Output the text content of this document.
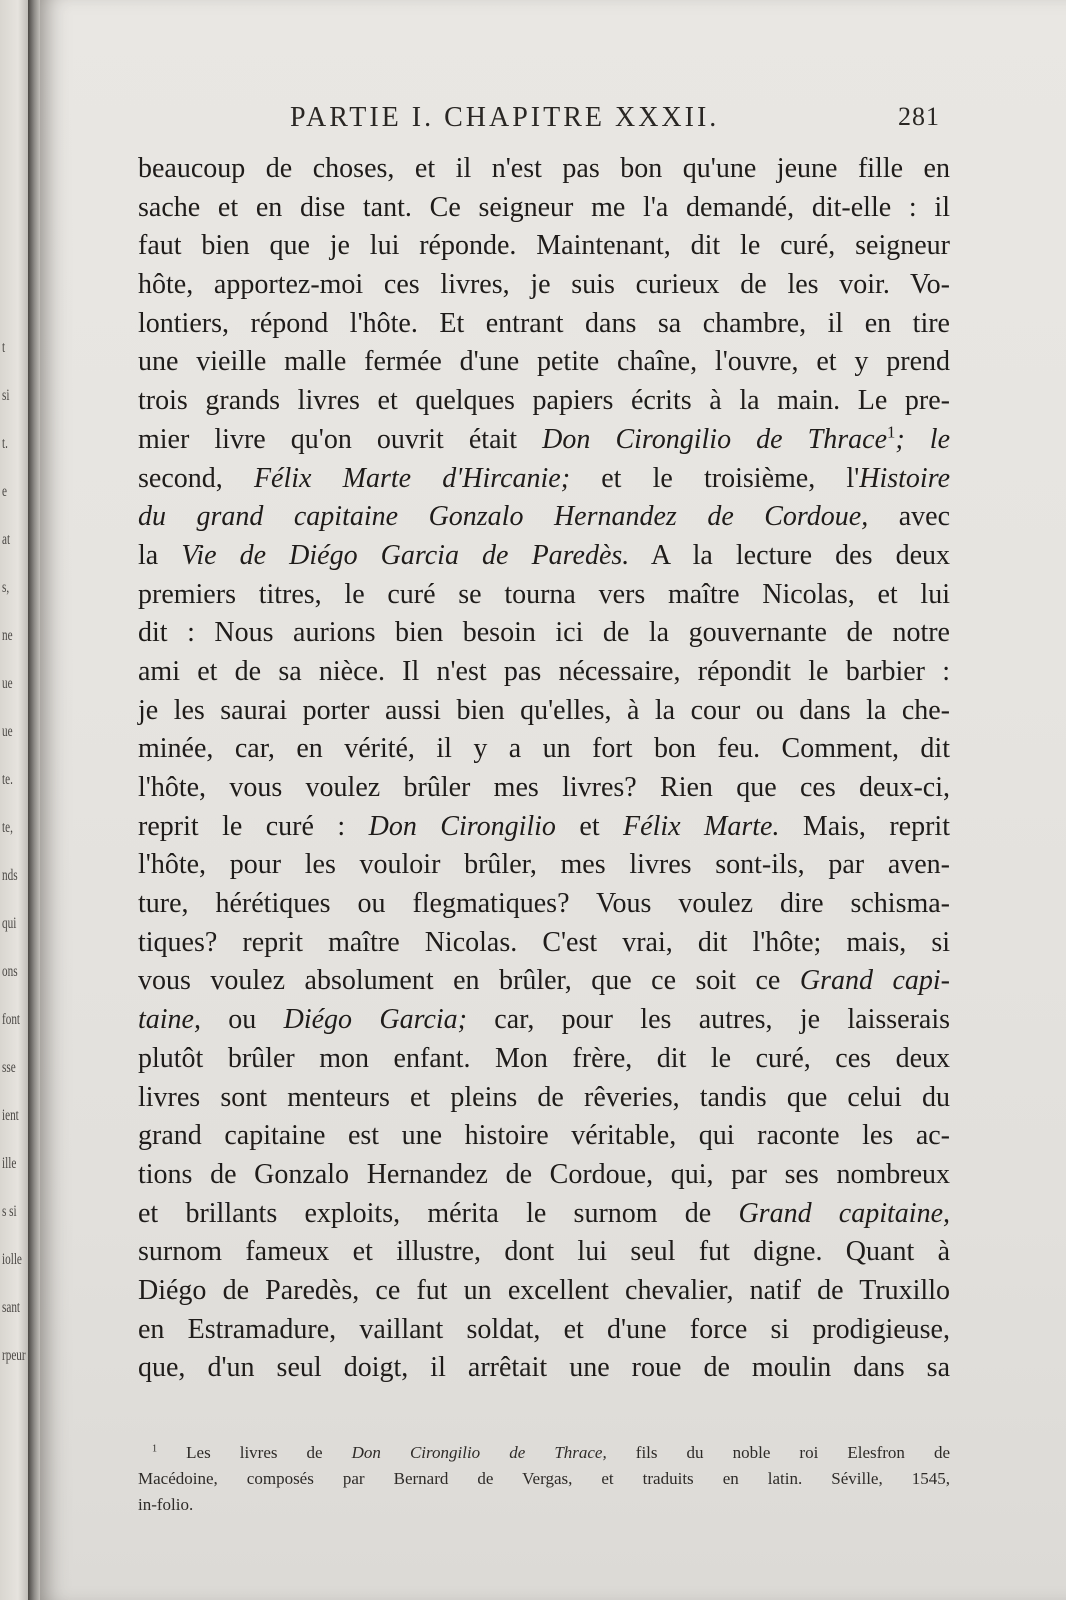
t
si
t.
e
at
s,
ne
ue
ue
te.
te,
nds
qui
ons
font
sse
ient
ille
s si
iolle
sant
rpeur
PARTIE I. CHAPITRE XXXII.	281
beaucoup de choses, et il n'est pas bon qu'une jeune fille en
sache et en dise tant. Ce seigneur me l'a demandé, dit-elle : il
faut bien que je lui réponde. Maintenant, dit le curé, seigneur
hôte, apportez-moi ces livres, je suis curieux de les voir. Vo-
lontiers, répond l'hôte. Et entrant dans sa chambre, il en tire
une vieille malle fermée d'une petite chaîne, l'ouvre, et y prend
trois grands livres et quelques papiers écrits à la main. Le pre-
mier livre qu'on ouvrit était Don Cirongilio de Thrace$^1$; le
second, Félix Marte d'Hircanie; et le troisième, l'Histoire
du grand capitaine Gonzalo Hernandez de Cordoue, avec
la Vie de Diégo Garcia de Paredès. A la lecture des deux
premiers titres, le curé se tourna vers maître Nicolas, et lui
dit : Nous aurions bien besoin ici de la gouvernante de notre
ami et de sa nièce. Il n'est pas nécessaire, répondit le barbier :
je les saurai porter aussi bien qu'elles, à la cour ou dans la che-
minée, car, en vérité, il y a un fort bon feu. Comment, dit
l'hôte, vous voulez brûler mes livres? Rien que ces deux-ci,
reprit le curé : Don Cirongilio et Félix Marte. Mais, reprit
l'hôte, pour les vouloir brûler, mes livres sont-ils, par aven-
ture, hérétiques ou flegmatiques? Vous voulez dire schisma-
tiques? reprit maître Nicolas. C'est vrai, dit l'hôte; mais, si
vous voulez absolument en brûler, que ce soit ce Grand capi-
taine, ou Diégo Garcia; car, pour les autres, je laisserais
plutôt brûler mon enfant. Mon frère, dit le curé, ces deux
livres sont menteurs et pleins de rêveries, tandis que celui du
grand capitaine est une histoire véritable, qui raconte les ac-
tions de Gonzalo Hernandez de Cordoue, qui, par ses nombreux
et brillants exploits, mérita le surnom de Grand capitaine,
surnom fameux et illustre, dont lui seul fut digne. Quant à
Diégo de Paredès, ce fut un excellent chevalier, natif de Truxillo
en Estramadure, vaillant soldat, et d'une force si prodigieuse,
que, d'un seul doigt, il arrêtait une roue de moulin dans sa
$^1$ Les livres de Don Cirongilio de Thrace, fils du noble roi Elesfron de
Macédoine, composés par Bernard de Vergas, et traduits en latin. Séville, 1545,
in-folio.
